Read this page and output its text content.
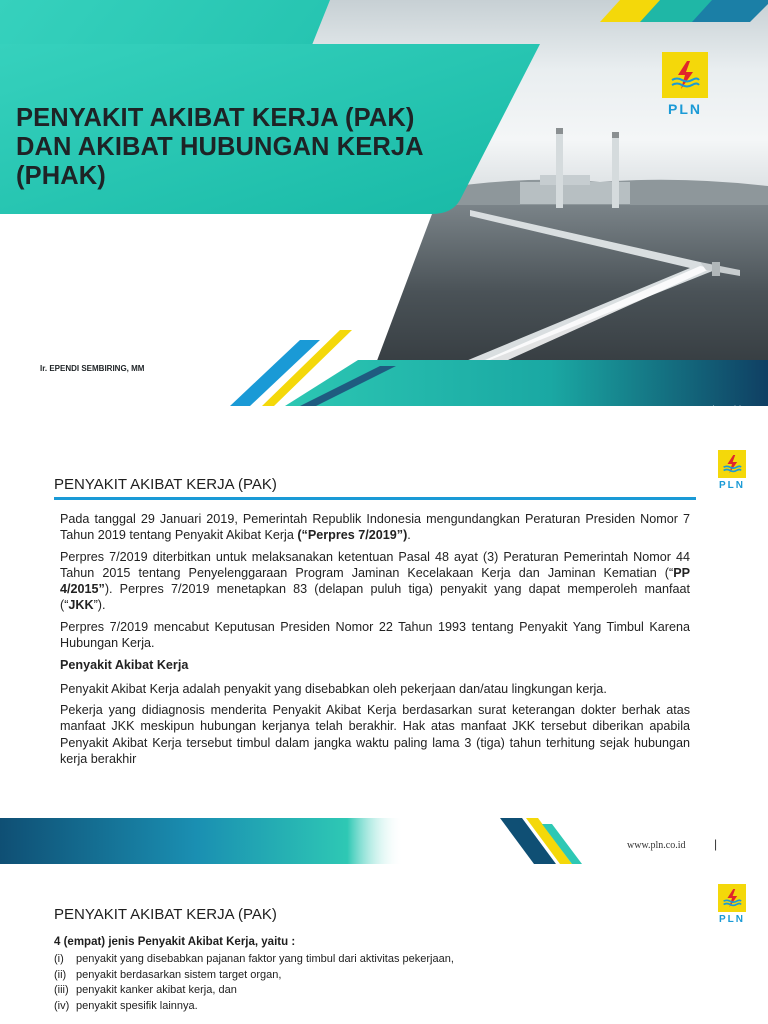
PENYAKIT AKIBAT KERJA (PAK)
DAN AKIBAT HUBUNGAN KERJA
(PHAK)
Ir. EPENDI SEMBIRING, MM
PLN
PLN
PENYAKIT AKIBAT KERJA (PAK)

Pada tanggal 29 Januari 2019, Pemerintah Republik Indonesia mengundangkan Peraturan Presiden Nomor 7 Tahun 2019 tentang Penyakit Akibat Kerja (“Perpres 7/2019”).

Perpres 7/2019 diterbitkan untuk melaksanakan ketentuan Pasal 48 ayat (3) Peraturan Pemerintah Nomor 44 Tahun 2015 tentang Penyelenggaraan Program Jaminan Kecelakaan Kerja dan Jaminan Kematian (“PP 4/2015”). Perpres 7/2019 menetapkan 83 (delapan puluh tiga) penyakit yang dapat memperoleh manfaat (“JKK”).

Perpres 7/2019 mencabut Keputusan Presiden Nomor 22 Tahun 1993 tentang Penyakit Yang Timbul Karena Hubungan Kerja.

Penyakit Akibat Kerja

Penyakit Akibat Kerja adalah penyakit yang disebabkan oleh pekerjaan dan/atau lingkungan kerja.

Pekerja yang didiagnosis menderita Penyakit Akibat Kerja berdasarkan surat keterangan dokter berhak atas manfaat JKK meskipun hubungan kerjanya telah berakhir. Hak atas manfaat JKK tersebut diberikan apabila Penyakit Akibat Kerja tersebut timbul dalam jangka waktu paling lama 3 (tiga) tahun terhitung sejak hubungan kerja berakhir

www.pln.co.id |
PLN
PENYAKIT AKIBAT KERJA (PAK)
4 (empat) jenis Penyakit Akibat Kerja, yaitu :
(i)	penyakit yang disebabkan pajanan faktor yang timbul dari aktivitas pekerjaan,
(ii) penyakit berdasarkan sistem target organ,
(iii) penyakit kanker akibat kerja, dan
(iv) penyakit spesifik lainnya.
